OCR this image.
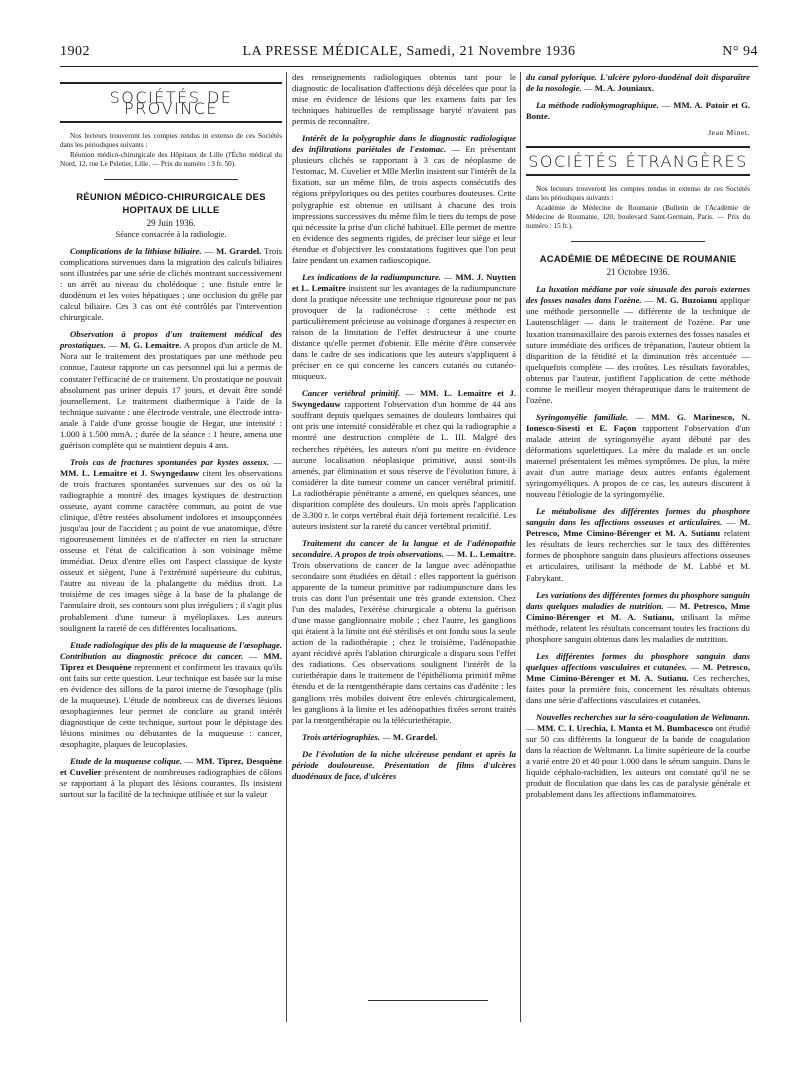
1902	LA PRESSE MÉDICALE, Samedi, 21 Novembre 1936	N° 94
SOCIÉTÉS DE PROVINCE

Nos lecteurs trouveront les comptes rendus in extenso de ces Sociétés dans les périodiques suivants :

Réunion médico-chirurgicale des Hôpitaux de Lille (l'Écho médical du Nord, 12, rue Le Peletier, Lille. — Prix du numéro : 3 fr. 50).

RÉUNION MÉDICO-CHIRURGICALE DES HOPITAUX DE LILLE

29 Juin 1936.

Séance consacrée à la radiologie.

Complications de la lithiase biliaire. — M. Grardel. Trois complications survenues dans la migration des calculs biliaires sont illustrées par une série de clichés montrant successivement : un arrêt au niveau du cholédoque ; une fistule entre le duodénum et les voies hépatiques ; une occlusion du grêle par calcul biliaire. Ces 3 cas ont été contrôlés par l'intervention chirurgicale.

Observation à propos d'un traitement médical des prostatiques. — M. G. Lemaitre. A propos d'un article de M. Nora sur le traitement des prostatiques par une méthode peu connue, l'auteur rapporte un cas personnel qui lui a permis de constater l'efficacité de ce traitement. Un prostatique ne pouvait absolument pas uriner depuis 17 jours, et devait être sondé journellement. Le traitement diathermique à l'aide de la technique suivante : une électrode ventrale, une électrode intra-anale à l'aide d'une grosse bougie de Hegar, une intensité : 1.000 à 1.500 mmA. ; durée de la séance : 1 heure, amena une guérison complète qui se maintient depuis 4 ans.

Trois cas de fractures spontanées par kystes osseux. — MM. L. Lemaitre et J. Swyngedauw citent les observations de trois fractures spontanées survenues sur des os où la radiographie a montré des images kystiques de destruction osseuse, ayant comme caractère commun, au point de vue clinique, d'être restées absolument indolores et insoupçonnées jusqu'au jour de l'accident ; au point de vue anatomique, d'être rigoureusement limitées et de n'affecter en rien la structure osseuse et l'état de calcification à son voisinage même immédiat. Deux d'entre elles ont l'aspect classique de kyste osseux et siègent, l'une à l'extrémité supérieure du cubitus, l'autre au niveau de la phalangette du médius droit. La troisième de ces images siège à la base de la phalange de l'annulaire droit, ses contours sont plus irréguliers ; il s'agit plus probablement d'une tumeur à myéloplaxes. Les auteurs soulignent la rareté de ces différentes localisations.

Etude radiologique des plis de la muqueuse de l'œsophage. Contribution au diagnostic précoce du cancer. — MM. Tiprez et Desquène reprennent et confirment les travaux qu'ils ont faits sur cette question. Leur technique est basée sur la mise en évidence des sillons de la paroi interne de l'œsophage (plis de la muqueuse). L'étude de nombreux cas de diverses lésions œsophagiennes leur permet de conclure au grand intérêt diagnostique de cette technique, surtout pour le dépistage des lésions minimes ou débutantes de la muqueuse : cancer, œsophagite, plaques de leucoplasies.

Etude de la muqueuse colique. — MM. Tiprez, Desquène et Cuvelier présentent de nombreuses radiographies de côlons se rapportant à la plupart des lésions courantes. Ils insistent surtout sur la facilité de la technique utilisée et sur la valeur

des renseignements radiologiques obtenus tant pour le diagnostic de localisation d'affections déjà décelées que pour la mise en évidence de lésions que les examens faits par les techniques habituelles de remplissage baryté n'avaient pas permis de reconnaître.

Intérêt de la polygraphie dans le diagnostic radiologique des infiltrations pariétales de l'estomac. — En présentant plusieurs clichés se rapportant à 3 cas de néoplasme de l'estomac, M. Cuvelier et Mlle Merlin insistent sur l'intérêt de la fixation, sur un même film, de trois aspects consécutifs des régions prépyloriques ou des petites courbures douteuses. Cette polygraphie est obtenue en utilisant à chacune des trois impressions successives du même film le tiers du temps de pose qui nécessite la prise d'un cliché habituel. Elle permet de mettre en évidence des segments rigides, de préciser leur siège et leur étendue et d'objectiver les constatations fugitives que l'on peut faire pendant un examen radioscopique.

Les indications de la radiumpuncture. — MM. J. Nuytten et L. Lemaitre insistent sur les avantages de la radiumpuncture dont la pratique nécessite une technique rigoureuse pour ne pas provoquer de la radionécrose : cette méthode est particulièrement précieuse au voisinage d'organes à respecter en raison de la limitation de l'effet destructeur à une courte distance qu'elle permet d'obtenir. Elle mérite d'être conservée dans le cadre de ses indications que les auteurs s'appliquent à préciser en ce qui concerne les cancers cutanés ou cutanéo-muqueux.

Cancer vertébral primitif. — MM. L. Lemaitre et J. Swyngedauw rapportent l'observation d'un homme de 44 ans souffrant depuis quelques semaines de douleurs lombaires qui ont pris une intensité considérable et chez qui la radiographie a montré une destruction complète de L. III. Malgré des recherches répétées, les auteurs n'ont pu mettre en évidence aucune localisation néoplasique primitive, aussi sont-ils amenés, par élimination et sous réserve de l'évolution future, à considérer la dite tumeur comme un cancer vertébral primitif. La radiothérapie pénétrante a amené, en quelques séances, une disparition complète des douleurs. Un mois après l'application de 3.300 r. le corps vertébral était déjà fortement recalcifié. Les auteurs insistent sur la rareté du cancer vertébral primitif.

Traitement du cancer de la langue et de l'adénopathie secondaire. A propos de trois observations. — M. L. Lemaitre. Trois observations de cancer de la langue avec adénopathie secondaire sont étudiées en détail : elles rapportent la guérison apparente de la tumeur primitive par radiumpuncture dans les trois cas dont l'un présentait une très grande extension. Chez l'un des malades, l'exérèse chirurgicale a obtenu la guérison d'une masse ganglionnaire mobile ; chez l'autre, les ganglions qui étaient à la limite ont été stérilisés et ont fondu sous la seule action de la radiothérapie ; chez le troisième, l'adénopathie ayant récidivé après l'ablation chirurgicale a disparu sous l'effet des radiations. Ces observations soulignent l'intérêt de la curiethérapie dans le traitement de l'épithélioma primitif même étendu et de la rœntgenthérapie dans certains cas d'adénite : les ganglions très mobiles doivent être enlevés chirurgicalement, les ganglions à la limite et les adénopathies fixées seront traités par la rœntgenthérapie ou la télécuriethérapie.

Trois artériographies. — M. Grardel.

De l'évolution de la niche ulcéreuse pendant et après la période douloureuse. Présentation de films d'ulcères duodénaux de face, d'ulcères

du canal pylorique. L'ulcère pyloro-duodénal doit disparaître de la nosologie. — M. A. Jouniaux.

La méthode radiokymographique. — MM. A. Patoir et G. Bonte.

Jean Minet.

SOCIÉTÉS ÉTRANGÈRES

Nos lecteurs trouveront les comptes rendus in extenso de ces Sociétés dans les périodiques suivants :

Académie de Médecine de Roumanie (Bulletin de l'Académie de Médecine de Roumanie, 120, boulevard Saint-Germain, Paris. — Prix du numéro : 15 fr.).

ACADÉMIE DE MÉDECINE DE ROUMANIE

21 Octobre 1936.

La luxation médiane par voie sinusale des parois externes des fosses nasales dans l'ozène. — M. G. Buzoianu applique une méthode personnelle — différente de la technique de Lautenschläger — dans le traitement de l'ozène. Par une luxation transmaxillaire des parois externes des fosses nasales et suture immédiate des orifices de trépanation, l'auteur obtient la disparition de la fétidité et la diminution très accentuée — quelquefois complète — des croûtes. Les résultats favorables, obtenus par l'auteur, justifient l'application de cette méthode comme le meilleur moyen thérapeutique dans le traitement de l'ozène.

Syringomyélie familiale. — MM. G. Marinesco, N. Ionesco-Sisesti et E. Façon rapportent l'observation d'un malade atteint de syringomyélie ayant débuté par des déformations squelettiques. La mère du malade et un oncle maternel présentaient les mêmes symptômes. De plus, la mère avait d'un autre mariage deux autres enfants également syringomyéliques. A propos de ce cas, les auteurs discutent à nouveau l'étiologie de la syringomyélie.

Le métabolisme des différentes formes du phosphore sanguin dans les affections osseuses et articulaires. — M. Petresco, Mme Cimino-Bérenger et M. A. Sutianu relatent les résultats de leurs recherches sur le taux des différentes formes de phosphore sanguin dans plusieurs affections osseuses et articulaires, utilisant la méthode de M. Labbé et M. Fabrykant.

Les variations des différentes formes du phosphore sanguin dans quelques maladies de nutrition. — M. Petresco, Mme Cimino-Bérenger et M. A. Sutianu, utilisant la même méthode, relatent les résultats concernant toutes les fractions du phosphore sanguin obtenus dans les maladies de nutrition.

Les différentes formes du phosphore sanguin dans quelques affections vasculaires et cutanées. — M. Petresco, Mme Cimino-Bérenger et M. A. Sutianu. Ces recherches, faites pour la première fois, concernent les résultats obtenus dans une série d'affections vasculaires et cutanées.

Nouvelles recherches sur la séro-coagulation de Weltmann. — MM. C. I. Urechia, I. Mantа et M. Bumbacesco ont étudié sur 50 cas différents la longueur de la bande de coagulation dans la réaction de Weltmann. La limite supérieure de la courbe a varié entre 20 et 40 pour 1.000 dans le sérum sanguin. Dans le liquide céphalo-rachidien, les auteurs ont constaté qu'il ne se produit de floculation que dans les cas de paralysie générale et probablement dans les affections inflammatoires.
